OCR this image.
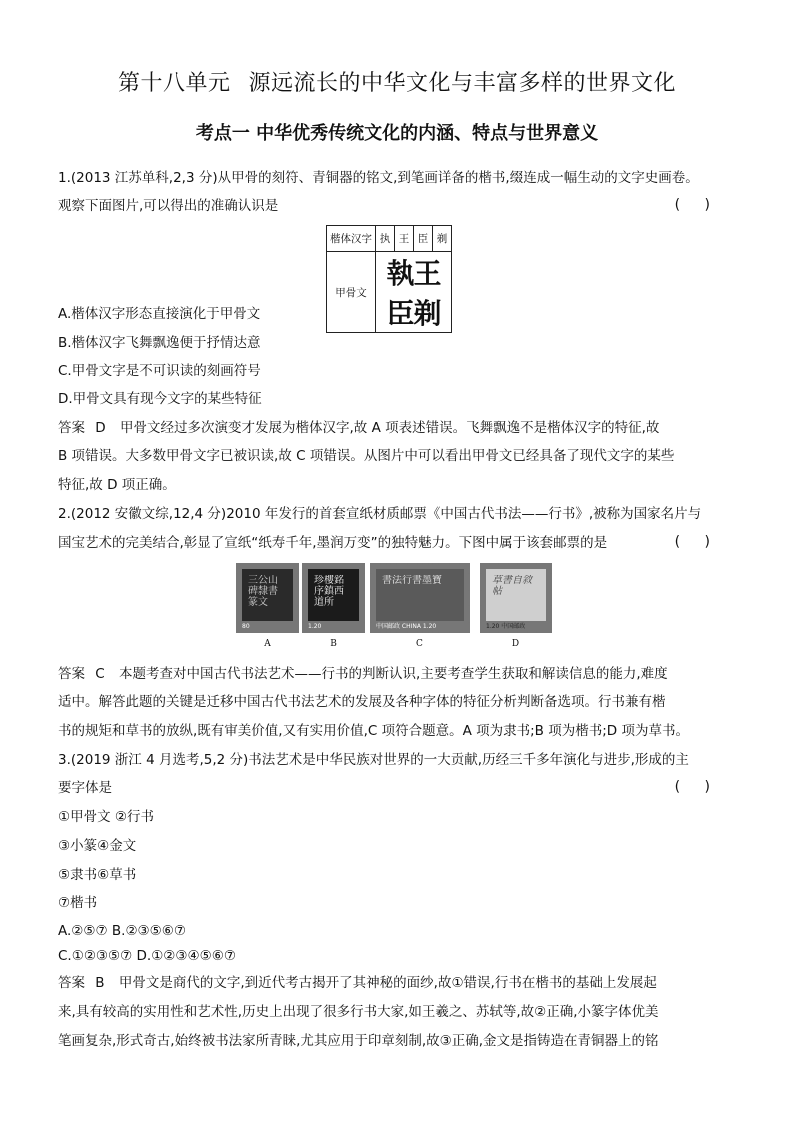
第十八单元 源远流长的中华文化与丰富多样的世界文化
考点一 中华优秀传统文化的内涵、特点与世界意义
1.(2013 江苏单科,2,3 分)从甲骨的刻符、青铜器的铭文,到笔画详备的楷书,缀连成一幅生动的文字史画卷。
观察下面图片,可以得出的准确认识是	( )
楷体汉字	执	王	臣	剃
甲骨文	執王臣剃			
A.楷体汉字形态直接演化于甲骨文
B.楷体汉字飞舞飘逸便于抒情达意
C.甲骨文字是不可识读的刻画符号
D.甲骨文具有现今文字的某些特征
答案 D 甲骨文经过多次演变才发展为楷体汉字,故 A 项表述错误。飞舞飘逸不是楷体汉字的特征,故
B 项错误。大多数甲骨文字已被识读,故 C 项错误。从图片中可以看出甲骨文已经具备了现代文字的某些
特征,故 D 项正确。
2.(2012 安徽文综,12,4 分)2010 年发行的首套宣纸材质邮票《中国古代书法——行书》,被称为国家名片与
国宝艺术的完美结合,彰显了宣纸“纸寿千年,墨润万变”的独特魅力。下图中属于该套邮票的是	( )
三公山碑隸書篆文
80
A
珍樓銘序鎮西道所
1.20
B
書法行書墨寶
中国邮政 CHINA 1.20
C
草書自敘帖
1.20 中国邮政
D
答案 C 本题考查对中国古代书法艺术——行书的判断认识,主要考查学生获取和解读信息的能力,难度
适中。解答此题的关键是迁移中国古代书法艺术的发展及各种字体的特征分析判断备选项。行书兼有楷
书的规矩和草书的放纵,既有审美价值,又有实用价值,C 项符合题意。A 项为隶书;B 项为楷书;D 项为草书。
3.(2019 浙江 4 月选考,5,2 分)书法艺术是中华民族对世界的一大贡献,历经三千多年演化与进步,形成的主
要字体是	( )
①甲骨文 ②行书
③小篆④金文
⑤隶书⑥草书
⑦楷书
A.②⑤⑦ B.②③⑤⑥⑦
C.①②③⑤⑦ D.①②③④⑤⑥⑦
答案 B 甲骨文是商代的文字,到近代考古揭开了其神秘的面纱,故①错误,行书在楷书的基础上发展起
来,具有较高的实用性和艺术性,历史上出现了很多行书大家,如王羲之、苏轼等,故②正确,小篆字体优美
笔画复杂,形式奇古,始终被书法家所青睐,尤其应用于印章刻制,故③正确,金文是指铸造在青铜器上的铭
